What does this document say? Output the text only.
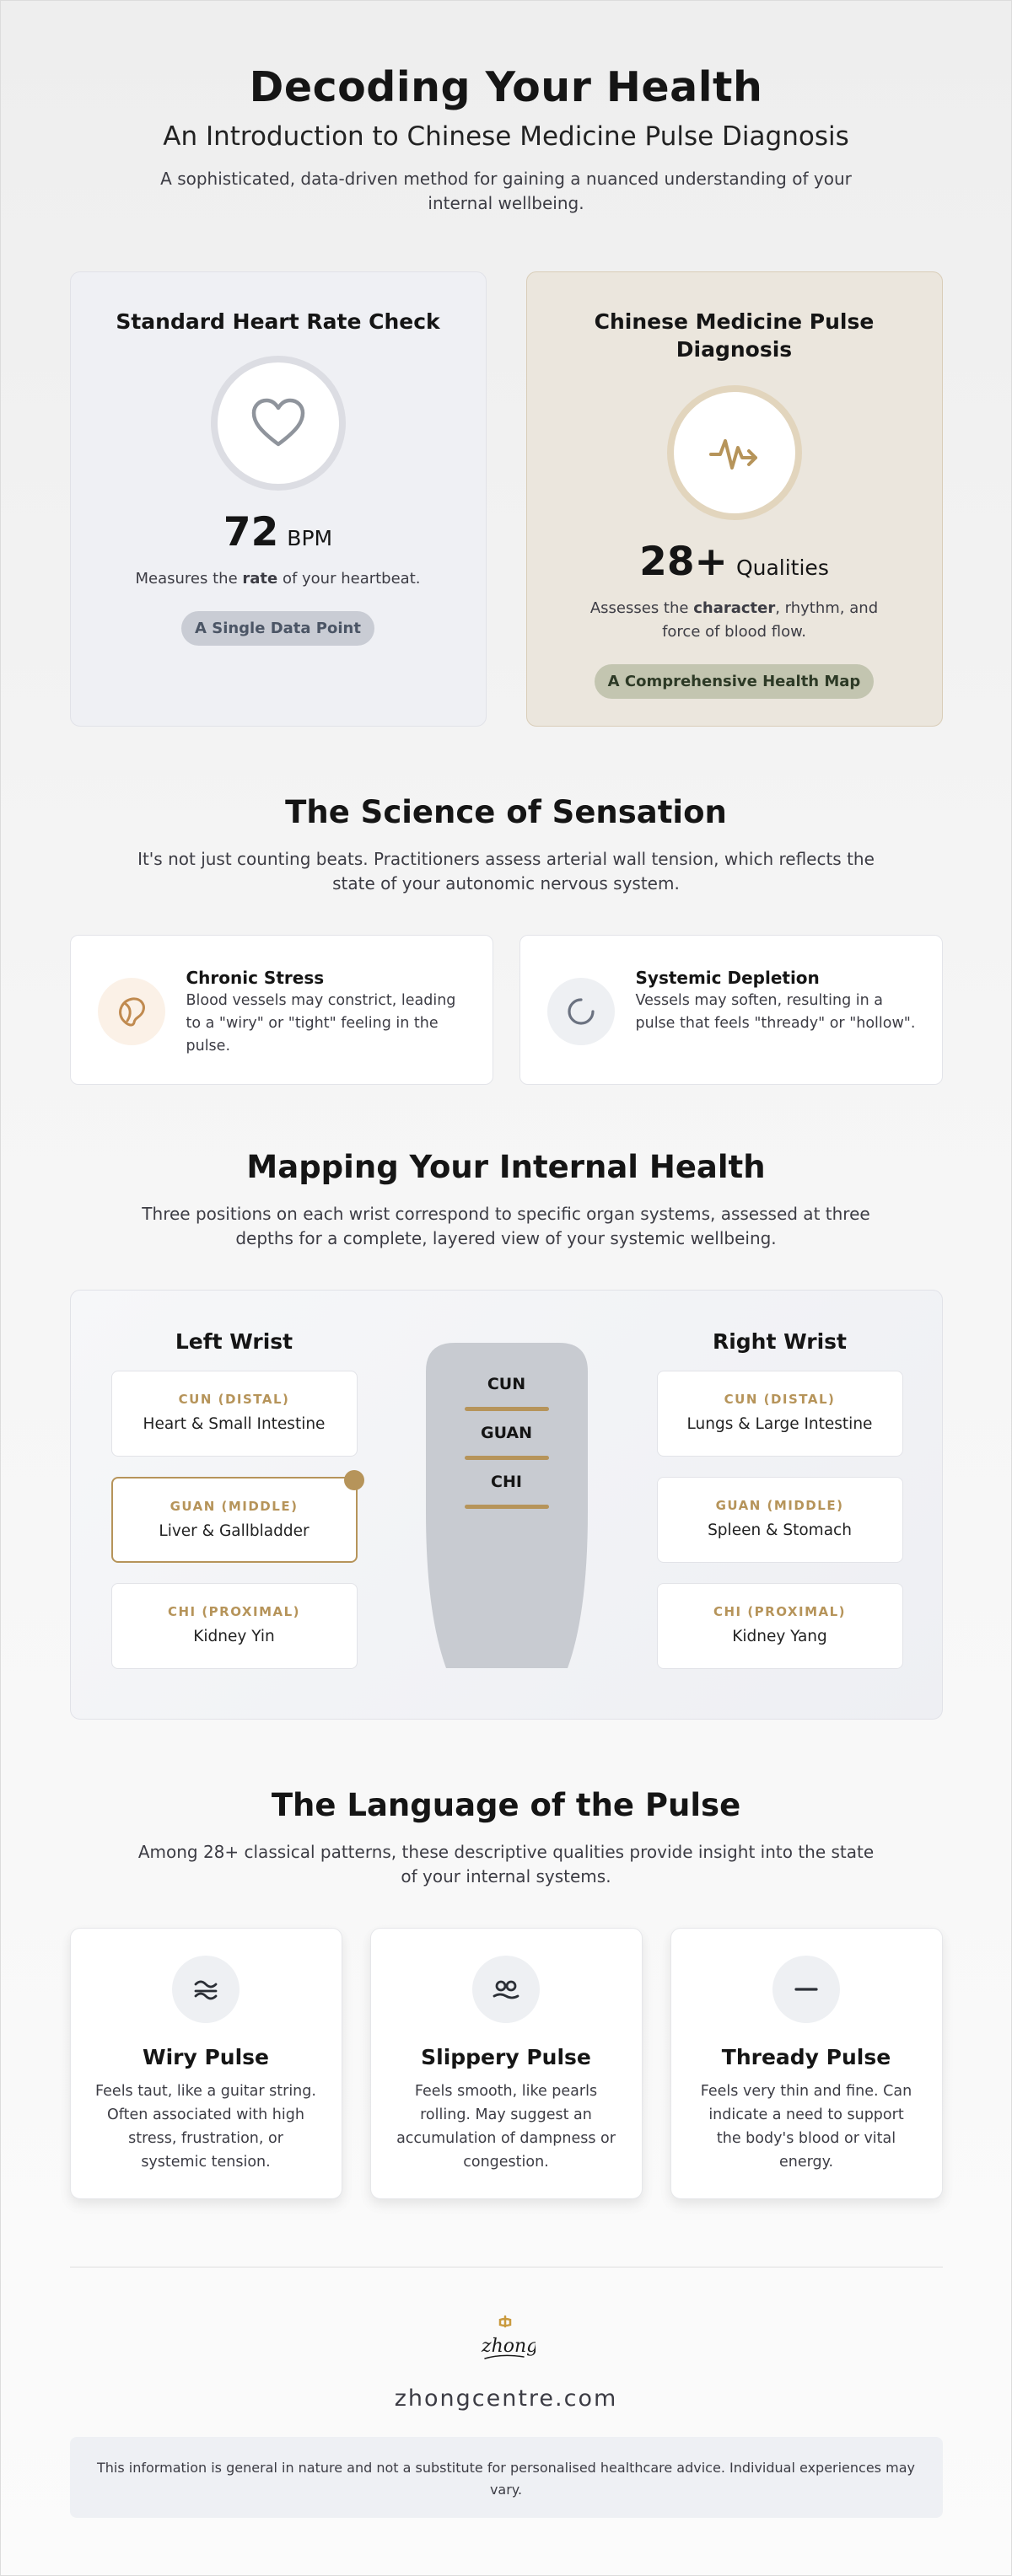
Decoding Your Health
An Introduction to Chinese Medicine Pulse Diagnosis

A sophisticated, data-driven method for gaining a nuanced understanding of your internal wellbeing.

Standard Heart Rate Check
72 BPM

Measures the rate of your heartbeat.

A Single Data Point
Chinese Medicine Pulse Diagnosis
28+ Qualities

Assesses the character, rhythm, and force of blood flow.

A Comprehensive Health Map
The Science of Sensation

It's not just counting beats. Practitioners assess arterial wall tension, which reflects the state of your autonomic nervous system.

Chronic Stress

Blood vessels may constrict, leading to a "wiry" or "tight" feeling in the pulse.

Systemic Depletion

Vessels may soften, resulting in a pulse that feels "thready" or "hollow".

Mapping Your Internal Health

Three positions on each wrist correspond to specific organ systems, assessed at three depths for a complete, layered view of your systemic wellbeing.

Left Wrist
CUN (DISTAL)
Heart & Small Intestine
GUAN (MIDDLE)
Liver & Gallbladder
CHI (PROXIMAL)
Kidney Yin
CUN
GUAN
CHI
Right Wrist
CUN (DISTAL)
Lungs & Large Intestine
GUAN (MIDDLE)
Spleen & Stomach
CHI (PROXIMAL)
Kidney Yang
The Language of the Pulse

Among 28+ classical patterns, these descriptive qualities provide insight into the state of your internal systems.

Wiry Pulse

Feels taut, like a guitar string. Often associated with high stress, frustration, or systemic tension.

Slippery Pulse

Feels smooth, like pearls rolling. May suggest an accumulation of dampness or congestion.

Thready Pulse

Feels very thin and fine. Can indicate a need to support the body's blood or vital energy.

zhong
zhongcentre.com
This information is general in nature and not a substitute for personalised healthcare advice. Individual experiences may vary.
